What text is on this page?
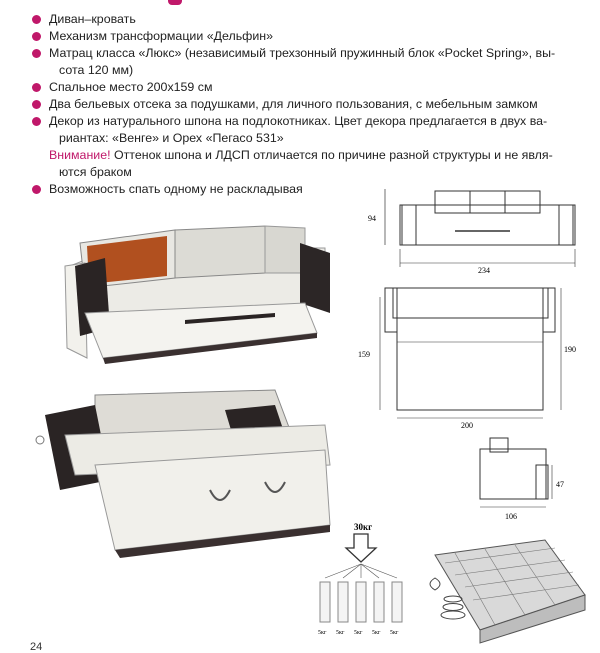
Диван–кровать
Механизм трансформации «Дельфин»
Матрац класса «Люкс» (независимый трехзонный пружинный блок «Pocket Spring», вы-
сота 120 мм)
Спальное место 200х159 см
Два бельевых отсека за подушками, для личного пользования, с мебельным замком
Декор из натурального шпона на подлокотниках. Цвет декора предлагается в двух ва-
риантах: «Венге» и Орех «Пегасо 531»
Внимание! Оттенок шпона и ЛДСП отличается по причине разной структуры и не явля-
ются браком
Возможность спать одному не раскладывая
94
234
159
190
200
47
106
30кг
5кг 5кг 5кг 5кг 5кг
24
